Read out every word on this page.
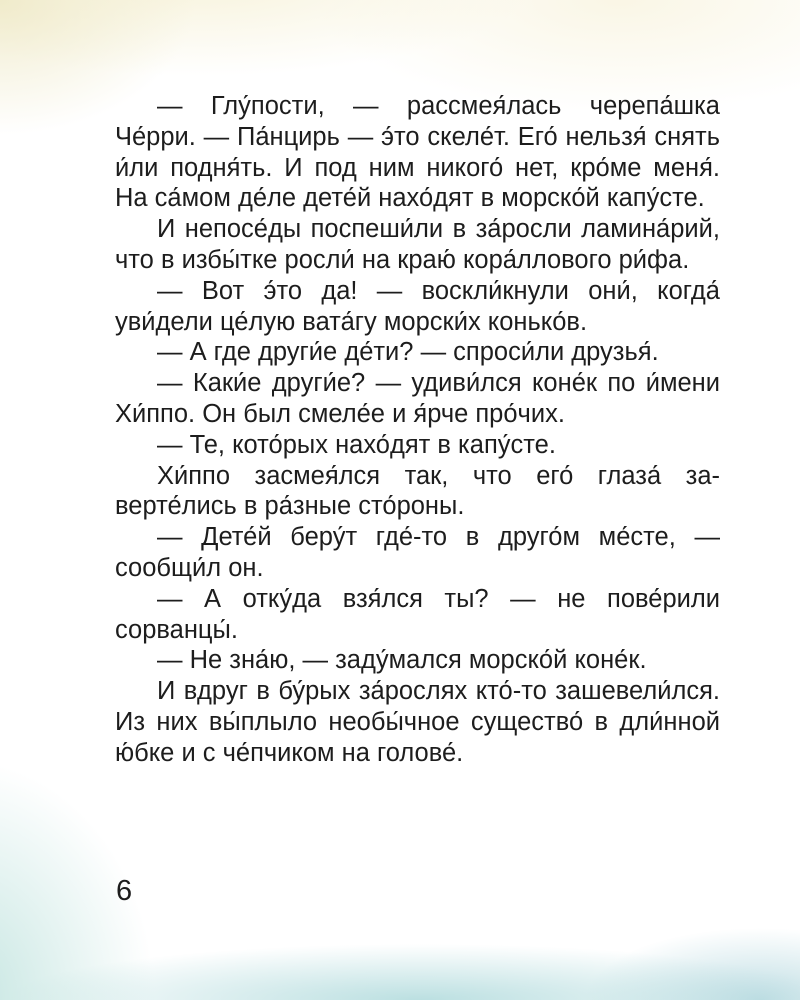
— Глу́пости, — рассмея́лась черепа́шка Че́рри. — Па́нцирь — э́то скеле́т. Его́ нельзя́ снять и́ли подня́ть. И под ним никого́ нет, кро́ме меня́. На са́мом де́ле дете́й нахо́дят в морско́й капу́сте.

И непосе́ды поспеши́ли в за́росли ламина́рий, что в избы́тке росли́ на краю́ кора́ллового ри́фа.

— Вот э́то да! — воскли́кнули они́, когда́ уви́дели це́лую вата́гу морски́х конько́в.

— А где други́е де́ти? — спроси́ли друзья́.

— Каки́е други́е? — удиви́лся коне́к по и́мени Хи́ппо. Он был смеле́е и я́рче про́чих.

— Те, кото́рых нахо́дят в капу́сте.

Хи́ппо засмея́лся так, что его́ глаза́ заверте́лись в ра́зные сто́роны.

— Дете́й беру́т где́-то в друго́м ме́сте, — сообщи́л он.

— А отку́да взя́лся ты? — не пове́рили сорванцы́.

— Не зна́ю, — заду́мался морско́й коне́к.

И вдруг в бу́рых за́рослях кто́-то зашевели́лся. Из них вы́плыло необы́чное существо́ в дли́нной ю́бке и с че́пчиком на голове́.

6
